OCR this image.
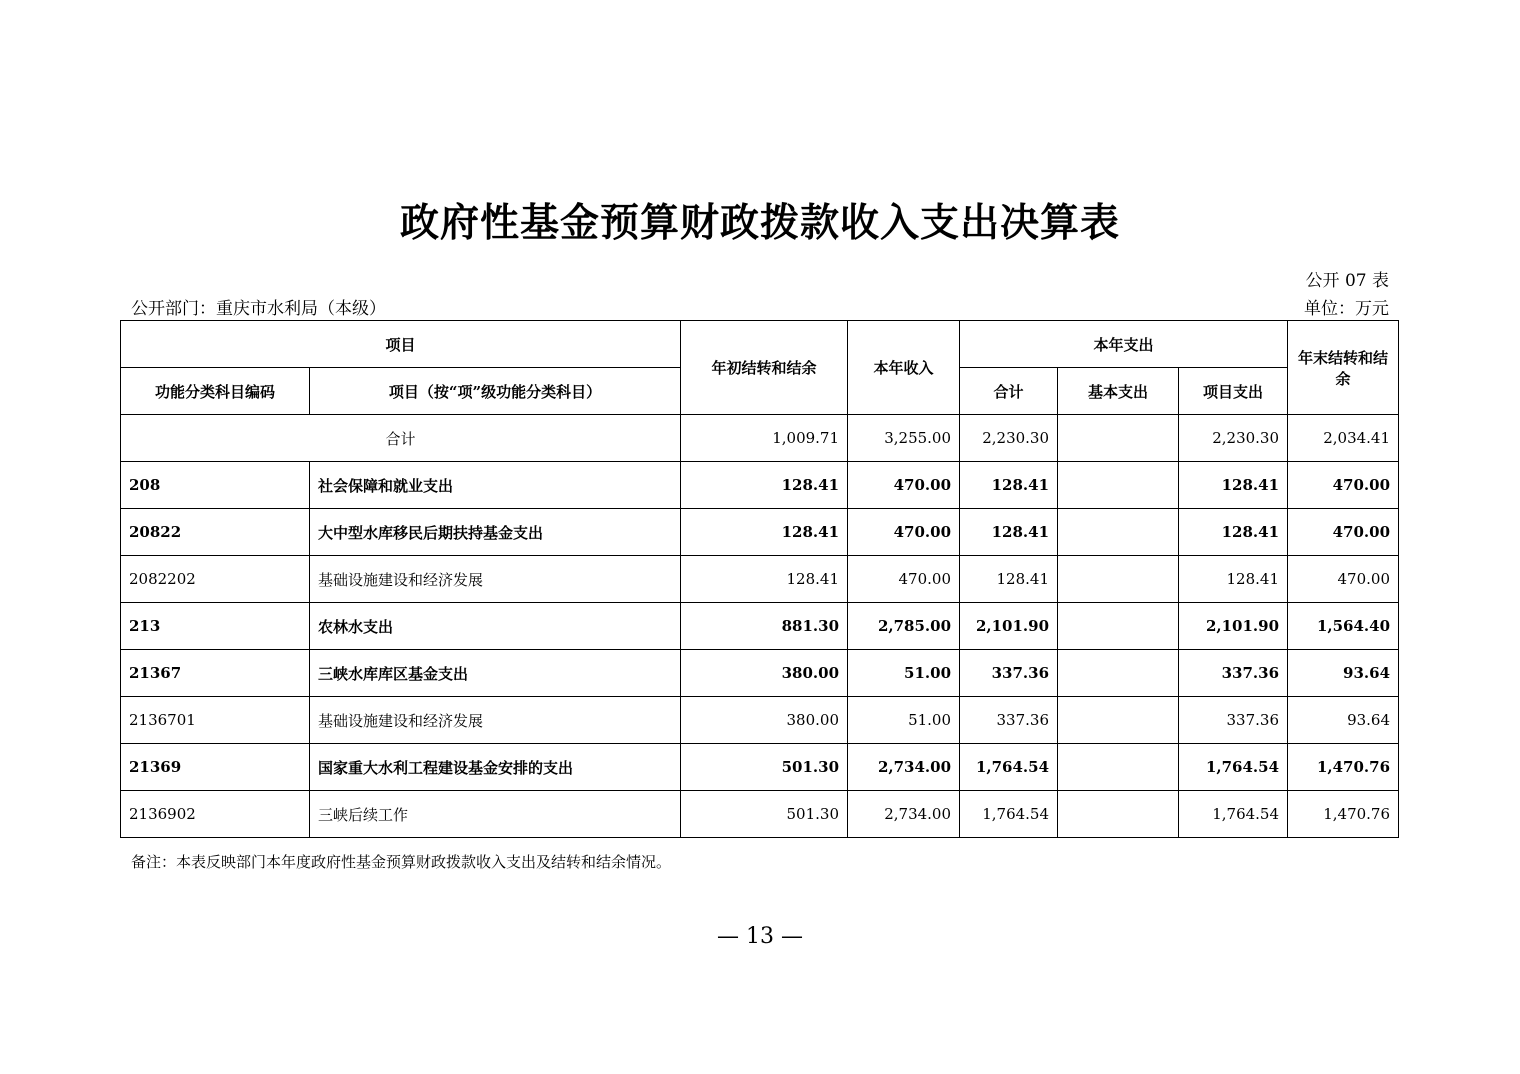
政府性基金预算财政拨款收入支出决算表
公开 07 表
公开部门：重庆市水利局（本级）	单位：万元
项目		年初结转和结余	本年收入	本年支出			年末结转和结余
功能分类科目编码	项目（按“项”级功能分类科目）			合计	基本支出	项目支出	
合计		1,009.71	3,255.00	2,230.30		2,230.30	2,034.41
208	社会保障和就业支出	128.41	470.00	128.41		128.41	470.00
20822	大中型水库移民后期扶持基金支出	128.41	470.00	128.41		128.41	470.00
2082202	基础设施建设和经济发展	128.41	470.00	128.41		128.41	470.00
213	农林水支出	881.30	2,785.00	2,101.90		2,101.90	1,564.40
21367	三峡水库库区基金支出	380.00	51.00	337.36		337.36	93.64
2136701	基础设施建设和经济发展	380.00	51.00	337.36		337.36	93.64
21369	国家重大水利工程建设基金安排的支出	501.30	2,734.00	1,764.54		1,764.54	1,470.76
2136902	三峡后续工作	501.30	2,734.00	1,764.54		1,764.54	1,470.76
备注：本表反映部门本年度政府性基金预算财政拨款收入支出及结转和结余情况。
— 13 —
